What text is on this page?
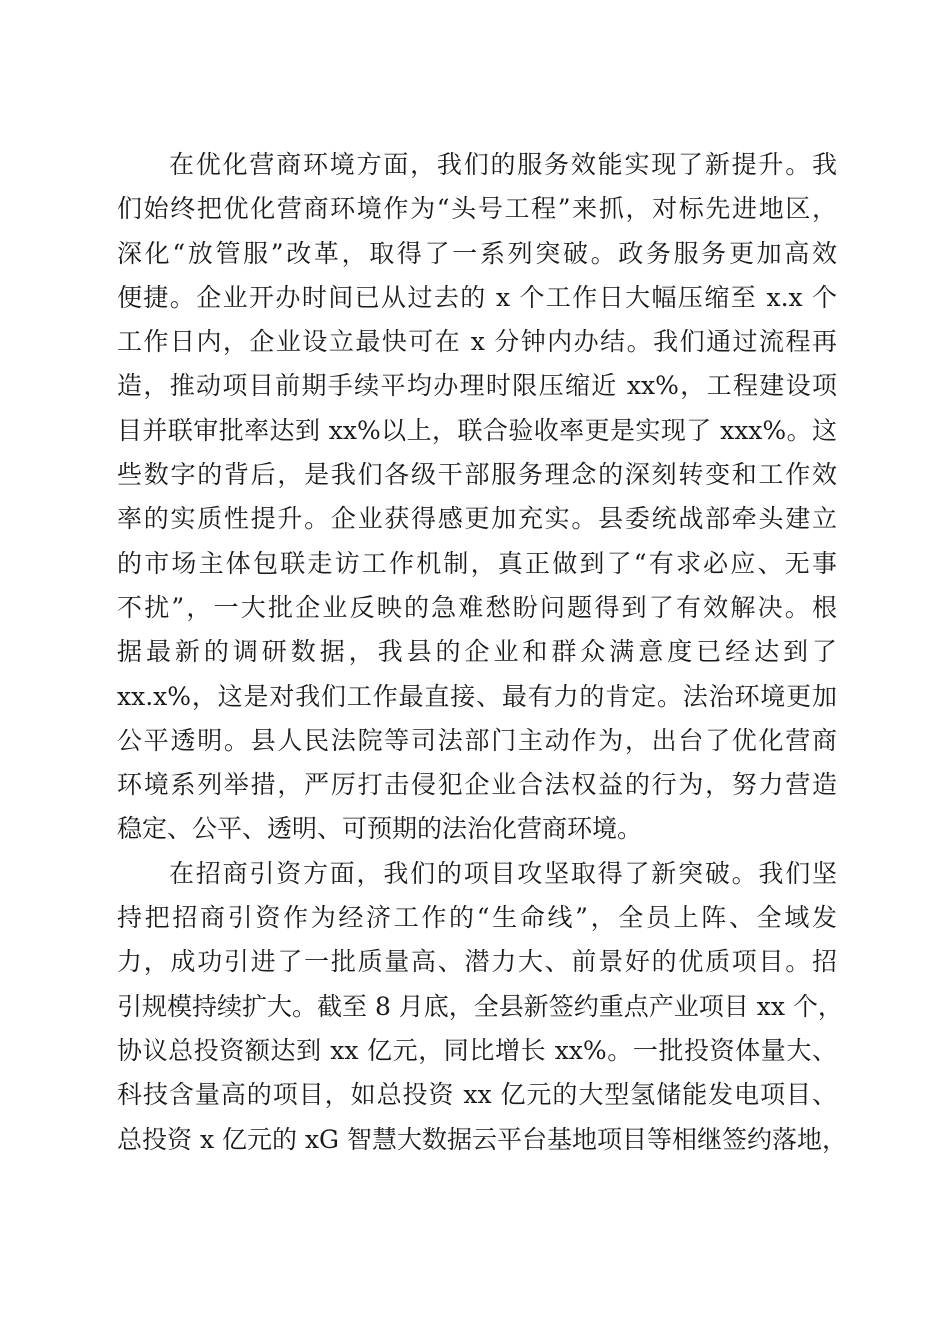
在优化营商环境方面，我们的服务效能实现了新提升。我
们始终把优化营商环境作为“头号工程”来抓，对标先进地区，
深化“放管服”改革，取得了一系列突破。政务服务更加高效
便捷。企业开办时间已从过去的 x 个工作日大幅压缩至 x.x 个
工作日内，企业设立最快可在 x 分钟内办结。我们通过流程再
造，推动项目前期手续平均办理时限压缩近 xx%，工程建设项
目并联审批率达到 xx%以上，联合验收率更是实现了 xxx%。这
些数字的背后，是我们各级干部服务理念的深刻转变和工作效
率的实质性提升。企业获得感更加充实。县委统战部牵头建立
的市场主体包联走访工作机制，真正做到了“有求必应、无事
不扰”，一大批企业反映的急难愁盼问题得到了有效解决。根
据最新的调研数据，我县的企业和群众满意度已经达到了
xx.x%，这是对我们工作最直接、最有力的肯定。法治环境更加
公平透明。县人民法院等司法部门主动作为，出台了优化营商
环境系列举措，严厉打击侵犯企业合法权益的行为，努力营造
稳定、公平、透明、可预期的法治化营商环境。
在招商引资方面，我们的项目攻坚取得了新突破。我们坚
持把招商引资作为经济工作的“生命线”，全员上阵、全域发
力，成功引进了一批质量高、潜力大、前景好的优质项目。招
引规模持续扩大。截至 8 月底，全县新签约重点产业项目 xx 个，
协议总投资额达到 xx 亿元，同比增长 xx%。一批投资体量大、
科技含量高的项目，如总投资 xx 亿元的大型氢储能发电项目、
总投资 x 亿元的 xG 智慧大数据云平台基地项目等相继签约落地，
